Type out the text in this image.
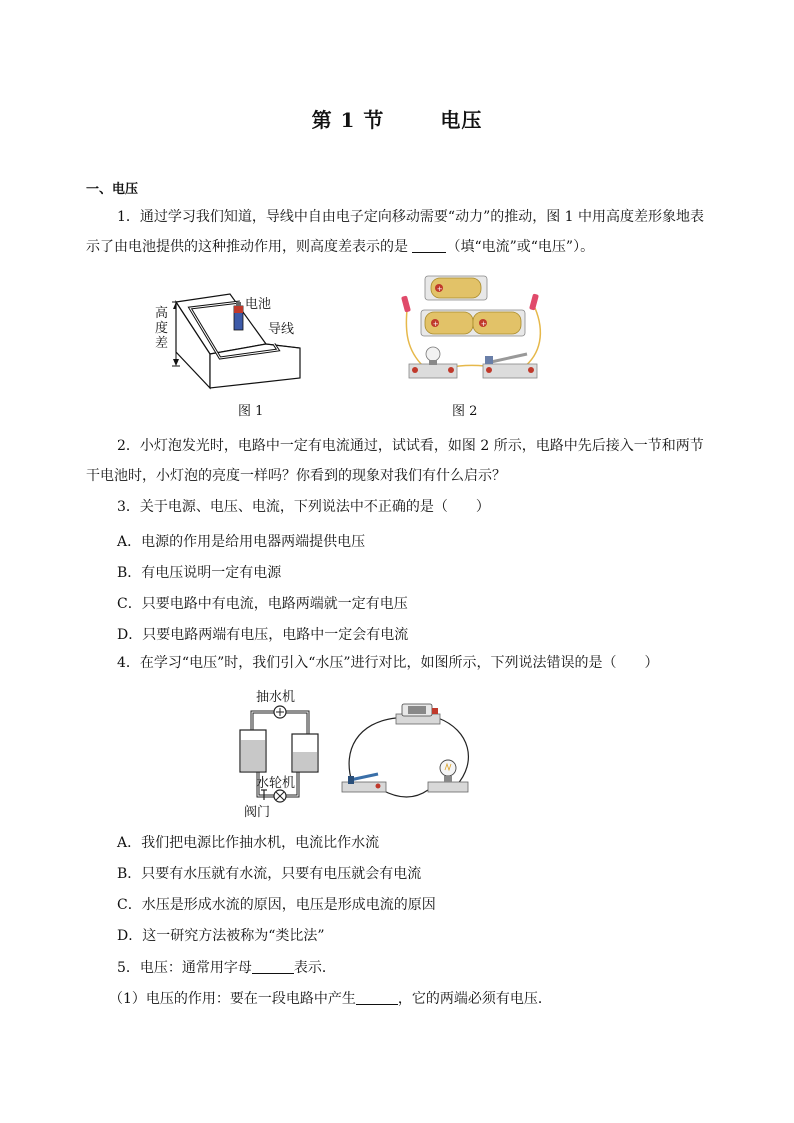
第 1 节	电压
一、电压
1．通过学习我们知道，导线中自由电子定向移动需要“动力”的推动，图 1 中用高度差形象地表示了由电池提供的这种推动作用，则高度差表示的是	（填“电流”或“电压”）。
高
度
差
电池
导线
图 1
+
+	+
图 2
2．小灯泡发光时，电路中一定有电流通过，试试看，如图 2 所示，电路中先后接入一节和两节干电池时，小灯泡的亮度一样吗？你看到的现象对我们有什么启示？
3．关于电源、电压、电流，下列说法中不正确的是（　　）
A．电源的作用是给用电器两端提供电压
B．有电压说明一定有电源
C．只要电路中有电流，电路两端就一定有电压
D．只要电路两端有电压，电路中一定会有电流
4．在学习“电压”时，我们引入“水压”进行对比，如图所示，下列说法错误的是（　　）
抽水机
水轮机
阀门
A．我们把电源比作抽水机，电流比作水流
B．只要有水压就有水流，只要有电压就会有电流
C．水压是形成水流的原因，电压是形成电流的原因
D．这一研究方法被称为“类比法”
5．电压：通常用字母	表示．
（1）电压的作用：要在一段电路中产生	，它的两端必须有电压．
